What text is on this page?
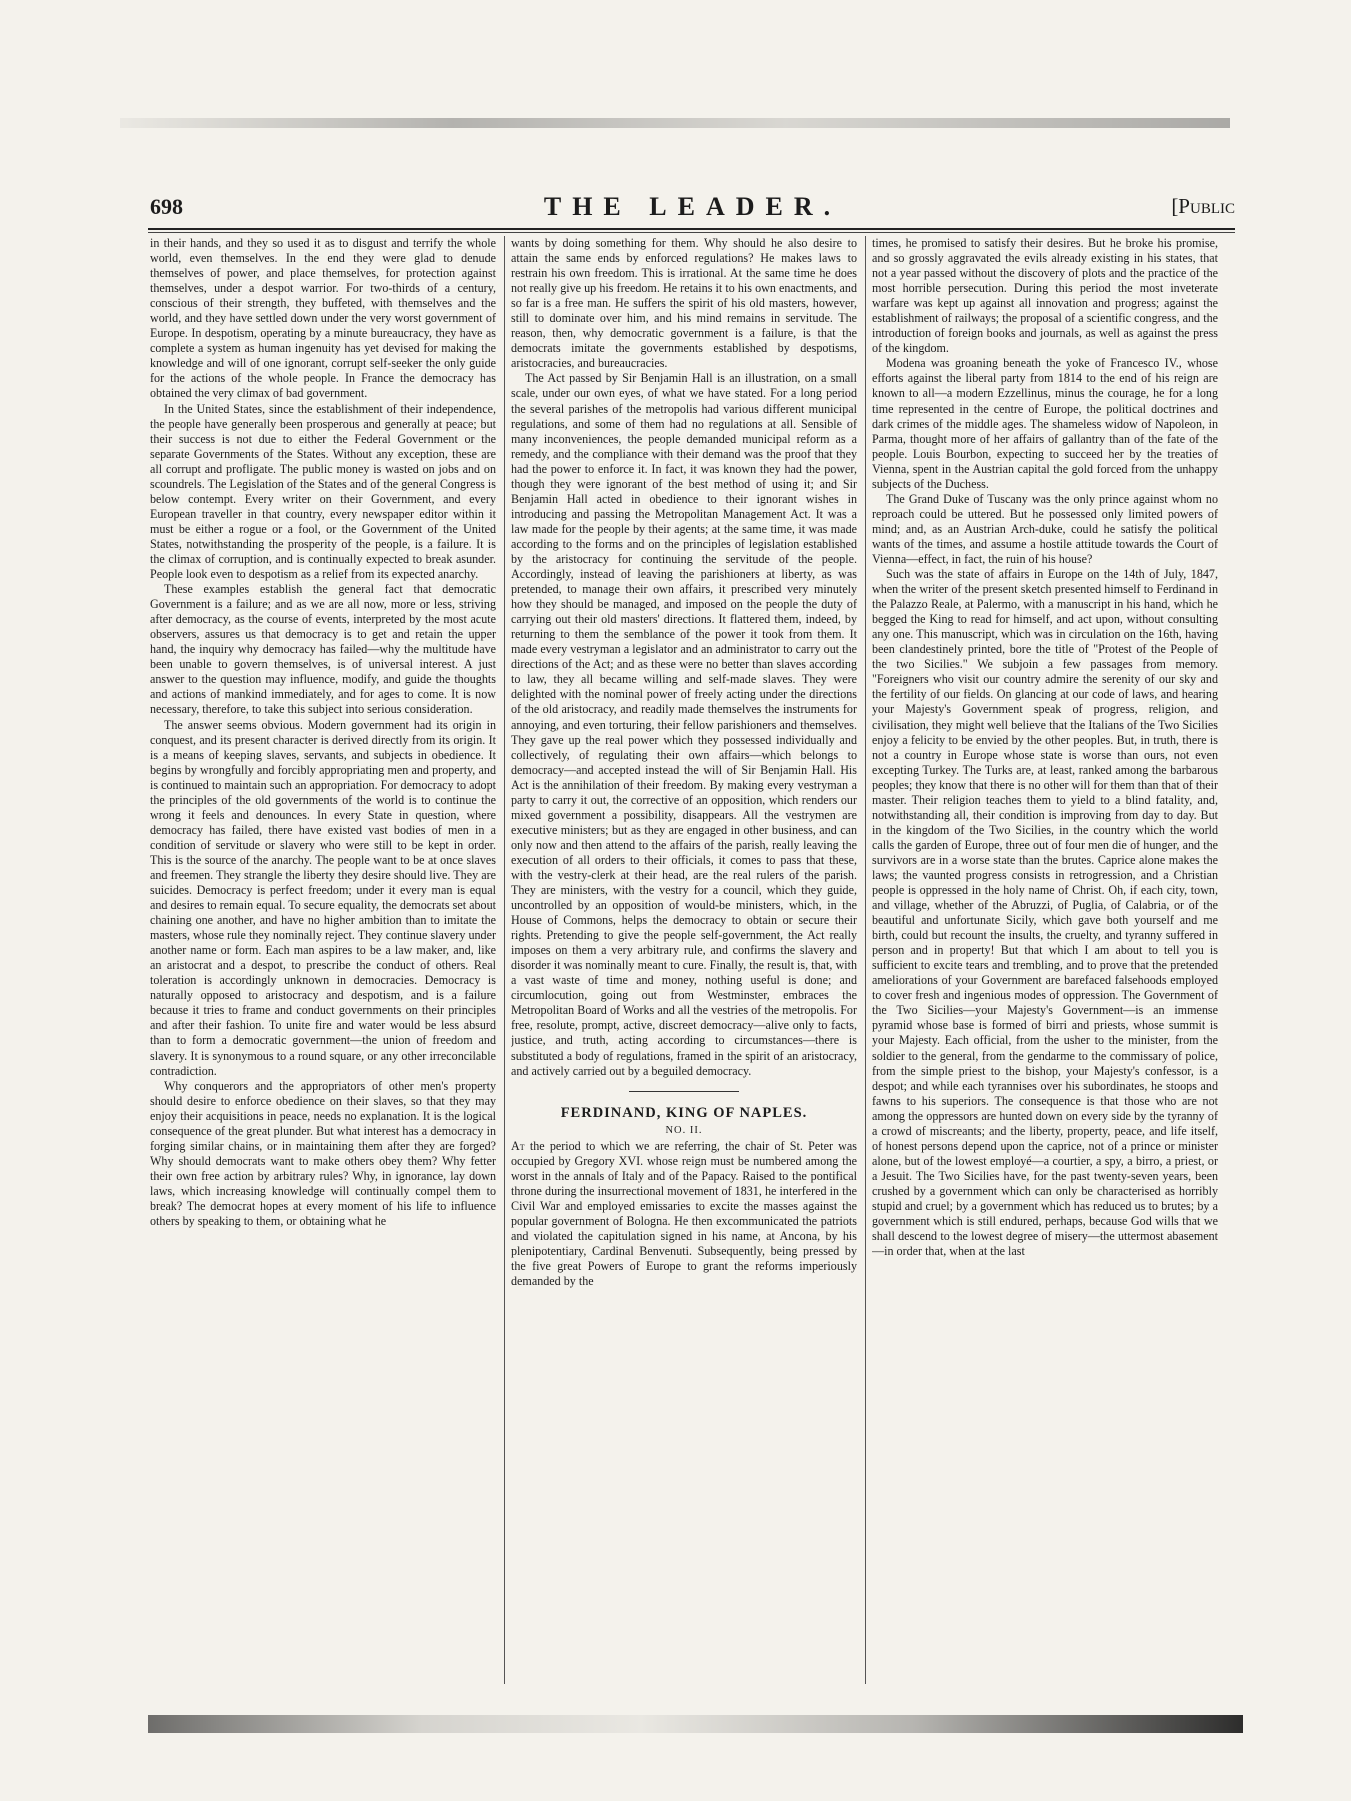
698	THE LEADER.	[Public

in their hands, and they so used it as to disgust and terrify the whole world, even themselves. In the end they were glad to denude themselves of power, and place themselves, for protection against themselves, under a despot warrior. For two-thirds of a century, conscious of their strength, they buffeted, with themselves and the world, and they have settled down under the very worst government of Europe. In despotism, operating by a minute bureaucracy, they have as complete a system as human ingenuity has yet devised for making the knowledge and will of one ignorant, corrupt self-seeker the only guide for the actions of the whole people. In France the democracy has obtained the very climax of bad government.

In the United States, since the establishment of their independence, the people have generally been prosperous and generally at peace; but their success is not due to either the Federal Government or the separate Governments of the States. Without any exception, these are all corrupt and profligate. The public money is wasted on jobs and on scoundrels. The Legislation of the States and of the general Congress is below contempt. Every writer on their Government, and every European traveller in that country, every newspaper editor within it must be either a rogue or a fool, or the Government of the United States, notwithstanding the prosperity of the people, is a failure. It is the climax of corruption, and is continually expected to break asunder. People look even to despotism as a relief from its expected anarchy.

These examples establish the general fact that democratic Government is a failure; and as we are all now, more or less, striving after democracy, as the course of events, interpreted by the most acute observers, assures us that democracy is to get and retain the upper hand, the inquiry why democracy has failed—why the multitude have been unable to govern themselves, is of universal interest. A just answer to the question may influence, modify, and guide the thoughts and actions of mankind immediately, and for ages to come. It is now necessary, therefore, to take this subject into serious consideration.

The answer seems obvious. Modern government had its origin in conquest, and its present character is derived directly from its origin. It is a means of keeping slaves, servants, and subjects in obedience. It begins by wrongfully and forcibly appropriating men and property, and is continued to maintain such an appropriation. For democracy to adopt the principles of the old governments of the world is to continue the wrong it feels and denounces. In every State in question, where democracy has failed, there have existed vast bodies of men in a condition of servitude or slavery who were still to be kept in order. This is the source of the anarchy. The people want to be at once slaves and freemen. They strangle the liberty they desire should live. They are suicides. Democracy is perfect freedom; under it every man is equal and desires to remain equal. To secure equality, the democrats set about chaining one another, and have no higher ambition than to imitate the masters, whose rule they nominally reject. They continue slavery under another name or form. Each man aspires to be a law maker, and, like an aristocrat and a despot, to prescribe the conduct of others. Real toleration is accordingly unknown in democracies. Democracy is naturally opposed to aristocracy and despotism, and is a failure because it tries to frame and conduct governments on their principles and after their fashion. To unite fire and water would be less absurd than to form a democratic government—the union of freedom and slavery. It is synonymous to a round square, or any other irreconcilable contradiction.

Why conquerors and the appropriators of other men's property should desire to enforce obedience on their slaves, so that they may enjoy their acquisitions in peace, needs no explanation. It is the logical consequence of the great plunder. But what interest has a democracy in forging similar chains, or in maintaining them after they are forged? Why should democrats want to make others obey them? Why fetter their own free action by arbitrary rules? Why, in ignorance, lay down laws, which increasing knowledge will continually compel them to break? The democrat hopes at every moment of his life to influence others by speaking to them, or obtaining what he

wants by doing something for them. Why should he also desire to attain the same ends by enforced regulations? He makes laws to restrain his own freedom. This is irrational. At the same time he does not really give up his freedom. He retains it to his own enactments, and so far is a free man. He suffers the spirit of his old masters, however, still to dominate over him, and his mind remains in servitude. The reason, then, why democratic government is a failure, is that the democrats imitate the governments established by despotisms, aristocracies, and bureaucracies.

The Act passed by Sir Benjamin Hall is an illustration, on a small scale, under our own eyes, of what we have stated. For a long period the several parishes of the metropolis had various different municipal regulations, and some of them had no regulations at all. Sensible of many inconveniences, the people demanded municipal reform as a remedy, and the compliance with their demand was the proof that they had the power to enforce it. In fact, it was known they had the power, though they were ignorant of the best method of using it; and Sir Benjamin Hall acted in obedience to their ignorant wishes in introducing and passing the Metropolitan Management Act. It was a law made for the people by their agents; at the same time, it was made according to the forms and on the principles of legislation established by the aristocracy for continuing the servitude of the people. Accordingly, instead of leaving the parishioners at liberty, as was pretended, to manage their own affairs, it prescribed very minutely how they should be managed, and imposed on the people the duty of carrying out their old masters' directions. It flattered them, indeed, by returning to them the semblance of the power it took from them. It made every vestryman a legislator and an administrator to carry out the directions of the Act; and as these were no better than slaves according to law, they all became willing and self-made slaves. They were delighted with the nominal power of freely acting under the directions of the old aristocracy, and readily made themselves the instruments for annoying, and even torturing, their fellow parishioners and themselves. They gave up the real power which they possessed individually and collectively, of regulating their own affairs—which belongs to democracy—and accepted instead the will of Sir Benjamin Hall. His Act is the annihilation of their freedom. By making every vestryman a party to carry it out, the corrective of an opposition, which renders our mixed government a possibility, disappears. All the vestrymen are executive ministers; but as they are engaged in other business, and can only now and then attend to the affairs of the parish, really leaving the execution of all orders to their officials, it comes to pass that these, with the vestry-clerk at their head, are the real rulers of the parish. They are ministers, with the vestry for a council, which they guide, uncontrolled by an opposition of would-be ministers, which, in the House of Commons, helps the democracy to obtain or secure their rights. Pretending to give the people self-government, the Act really imposes on them a very arbitrary rule, and confirms the slavery and disorder it was nominally meant to cure. Finally, the result is, that, with a vast waste of time and money, nothing useful is done; and circumlocution, going out from Westminster, embraces the Metropolitan Board of Works and all the vestries of the metropolis. For free, resolute, prompt, active, discreet democracy—alive only to facts, justice, and truth, acting according to circumstances—there is substituted a body of regulations, framed in the spirit of an aristocracy, and actively carried out by a beguiled democracy.

FERDINAND, KING OF NAPLES.
NO. II.

At the period to which we are referring, the chair of St. Peter was occupied by Gregory XVI. whose reign must be numbered among the worst in the annals of Italy and of the Papacy. Raised to the pontifical throne during the insurrectional movement of 1831, he interfered in the Civil War and employed emissaries to excite the masses against the popular government of Bologna. He then excommunicated the patriots and violated the capitulation signed in his name, at Ancona, by his plenipotentiary, Cardinal Benvenuti. Subsequently, being pressed by the five great Powers of Europe to grant the reforms imperiously demanded by the

times, he promised to satisfy their desires. But he broke his promise, and so grossly aggravated the evils already existing in his states, that not a year passed without the discovery of plots and the practice of the most horrible persecution. During this period the most inveterate warfare was kept up against all innovation and progress; against the establishment of railways; the proposal of a scientific congress, and the introduction of foreign books and journals, as well as against the press of the kingdom.

Modena was groaning beneath the yoke of Francesco IV., whose efforts against the liberal party from 1814 to the end of his reign are known to all—a modern Ezzellinus, minus the courage, he for a long time represented in the centre of Europe, the political doctrines and dark crimes of the middle ages. The shameless widow of Napoleon, in Parma, thought more of her affairs of gallantry than of the fate of the people. Louis Bourbon, expecting to succeed her by the treaties of Vienna, spent in the Austrian capital the gold forced from the unhappy subjects of the Duchess.

The Grand Duke of Tuscany was the only prince against whom no reproach could be uttered. But he possessed only limited powers of mind; and, as an Austrian Arch-duke, could he satisfy the political wants of the times, and assume a hostile attitude towards the Court of Vienna—effect, in fact, the ruin of his house?

Such was the state of affairs in Europe on the 14th of July, 1847, when the writer of the present sketch presented himself to Ferdinand in the Palazzo Reale, at Palermo, with a manuscript in his hand, which he begged the King to read for himself, and act upon, without consulting any one. This manuscript, which was in circulation on the 16th, having been clandestinely printed, bore the title of "Protest of the People of the two Sicilies." We subjoin a few passages from memory. "Foreigners who visit our country admire the serenity of our sky and the fertility of our fields. On glancing at our code of laws, and hearing your Majesty's Government speak of progress, religion, and civilisation, they might well believe that the Italians of the Two Sicilies enjoy a felicity to be envied by the other peoples. But, in truth, there is not a country in Europe whose state is worse than ours, not even excepting Turkey. The Turks are, at least, ranked among the barbarous peoples; they know that there is no other will for them than that of their master. Their religion teaches them to yield to a blind fatality, and, notwithstanding all, their condition is improving from day to day. But in the kingdom of the Two Sicilies, in the country which the world calls the garden of Europe, three out of four men die of hunger, and the survivors are in a worse state than the brutes. Caprice alone makes the laws; the vaunted progress consists in retrogression, and a Christian people is oppressed in the holy name of Christ. Oh, if each city, town, and village, whether of the Abruzzi, of Puglia, of Calabria, or of the beautiful and unfortunate Sicily, which gave both yourself and me birth, could but recount the insults, the cruelty, and tyranny suffered in person and in property! But that which I am about to tell you is sufficient to excite tears and trembling, and to prove that the pretended ameliorations of your Government are barefaced falsehoods employed to cover fresh and ingenious modes of oppression. The Government of the Two Sicilies—your Majesty's Government—is an immense pyramid whose base is formed of birri and priests, whose summit is your Majesty. Each official, from the usher to the minister, from the soldier to the general, from the gendarme to the commissary of police, from the simple priest to the bishop, your Majesty's confessor, is a despot; and while each tyrannises over his subordinates, he stoops and fawns to his superiors. The consequence is that those who are not among the oppressors are hunted down on every side by the tyranny of a crowd of miscreants; and the liberty, property, peace, and life itself, of honest persons depend upon the caprice, not of a prince or minister alone, but of the lowest employé—a courtier, a spy, a birro, a priest, or a Jesuit. The Two Sicilies have, for the past twenty-seven years, been crushed by a government which can only be characterised as horribly stupid and cruel; by a government which has reduced us to brutes; by a government which is still endured, perhaps, because God wills that we shall descend to the lowest degree of misery—the uttermost abasement—in order that, when at the last
